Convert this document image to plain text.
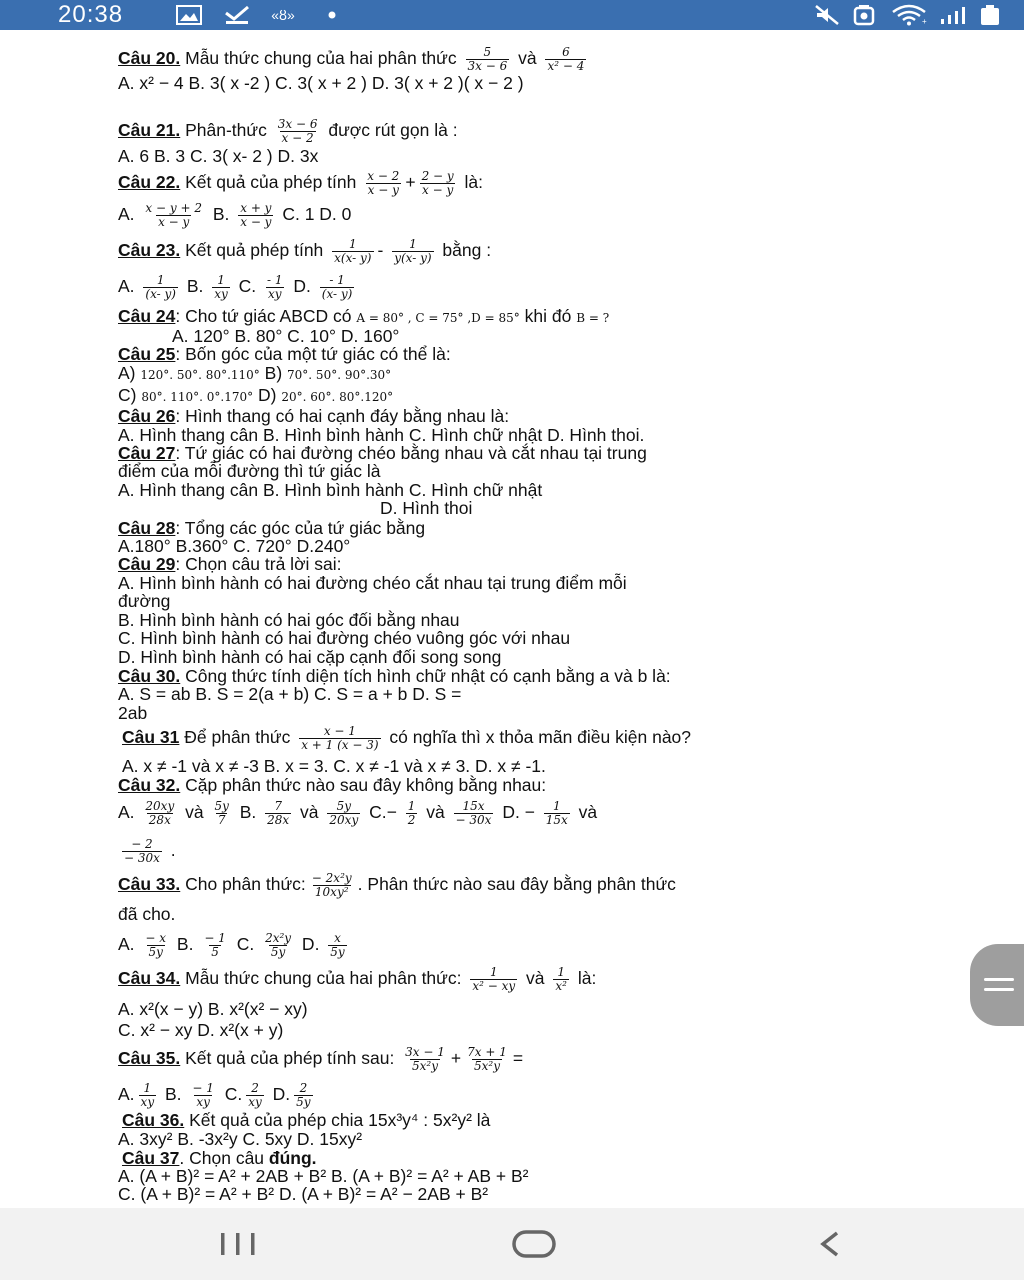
20:38	«ȣ»	+
Câu 20. Mẫu thức chung của hai phân thức $\frac{5}{3x - 6}$ và $\frac{6}{\text{x² − 4}}$
A. x² − 4 B. 3( x -2 ) C. 3( x + 2 ) D. 3( x + 2 )( x − 2 )
Câu 21. Phân-thức $\frac{3x - 6}{x - 2}$ được rút gọn là :
A. 6 B. 3 C. 3( x- 2 ) D. 3x
Câu 22. Kết quả của phép tính $\frac{x - 2}{x - y} + \frac{2 - y}{x - y}$ là:
A. $\frac{x - y + 2}{x - y} B$. $\frac{x + y}{x - y} C$. 1 D. 0
Câu 23. Kết quả phép tính $\frac{1}{x(x- y)} - \frac{1}{y(x- y)}$ bằng :
A. $\frac{1}{(x- y)} B$. $\frac{1}{xy} C$. $\frac{- 1}{xy} D$. $\frac{- 1}{(x- y)}$
Câu 24: Cho tứ giác ABCD có A = 80° , C = 75° ,D = 85° khi đó B = ?
A. 120° B. 80° C. 10° D. 160°
Câu 25: Bốn góc của một tứ giác có thể là:
A) 120°. 50°. 80°.110° B) 70°. 50°. 90°.30°
C) 80°. 110°. 0°.170° D) 20°. 60°. 80°.120°
Câu 26: Hình thang có hai cạnh đáy bằng nhau là:
A. Hình thang cân B. Hình bình hành C. Hình chữ nhật D. Hình thoi.
Câu 27: Tứ giác có hai đường chéo bằng nhau và cắt nhau tại trung
điểm của mỗi đường thì tứ giác là
A. Hình thang cân B. Hình bình hành C. Hình chữ nhật
D. Hình thoi
Câu 28: Tổng các góc của tứ giác bằng
A.180° B.360° C. 720° D.240°
Câu 29: Chọn câu trả lời sai:
A. Hình bình hành có hai đường chéo cắt nhau tại trung điểm mỗi
đường
B. Hình bình hành có hai góc đối bằng nhau
C. Hình bình hành có hai đường chéo vuông góc với nhau
D. Hình bình hành có hai cặp cạnh đối song song
Câu 30. Công thức tính diện tích hình chữ nhật có cạnh bằng a và b là:
A. S = ab B. S = 2(a + b) C. S = a + b D. S =
2ab
Câu 31 Để phân thức $\frac{x - 1}{x + 1 (x - 3)}$ có nghĩa thì x thỏa mãn điều kiện nào?
A. x ≠ -1 và x ≠ -3 B. x = 3. C. x ≠ -1 và x ≠ 3. D. x ≠ -1.
Câu 32. Cặp phân thức nào sau đây không bằng nhau:
A. $\frac{20xy}{28x}$ và $\frac{5y}{7} B$. $\frac{7}{28x}$ và $\frac{5y}{20xy} C.- \frac{1}{2}$ và $\frac{15x}{- 30x} D$. − $\frac{1}{15x}$ và
$\frac{- 2}{- 30x}$ .
Câu 33. Cho phân thức: $\frac{\text{− 2x²y}}{\text{10xy²}}$ . Phân thức nào sau đây bằng phân thức
đã cho.
A. $\frac{- x}{5y} B$. $\frac{- 1}{5} C$. $\frac{\text{2x²y}}{5y} D$. $\frac{x}{5y}$
Câu 34. Mẫu thức chung của hai phân thức: $\frac{1}{\text{x² − xy}}$ và $\frac{1}{\text{x²}}$ là:
A. x²(x − y) B. x²(x² − xy)
C. x² − xy D. x²(x + y)
Câu 35. Kết quả của phép tính sau: $\frac{3x - 1}{\text{5x²y}} + \frac{7x + 1}{\text{5x²y}}$ =
A. $\frac{1}{xy} B$. $\frac{- 1}{xy} C$. $\frac{2}{xy} D$. $\frac{2}{5y}$
Câu 36. Kết quả của phép chia 15x³y⁴ : 5x²y² là
A. 3xy² B. -3x²y C. 5xy D. 15xy²
Câu 37. Chọn câu đúng.
A. (A + B)² = A² + 2AB + B² B. (A + B)² = A² + AB + B²
C. (A + B)² = A² + B² D. (A + B)² = A² − 2AB + B²
